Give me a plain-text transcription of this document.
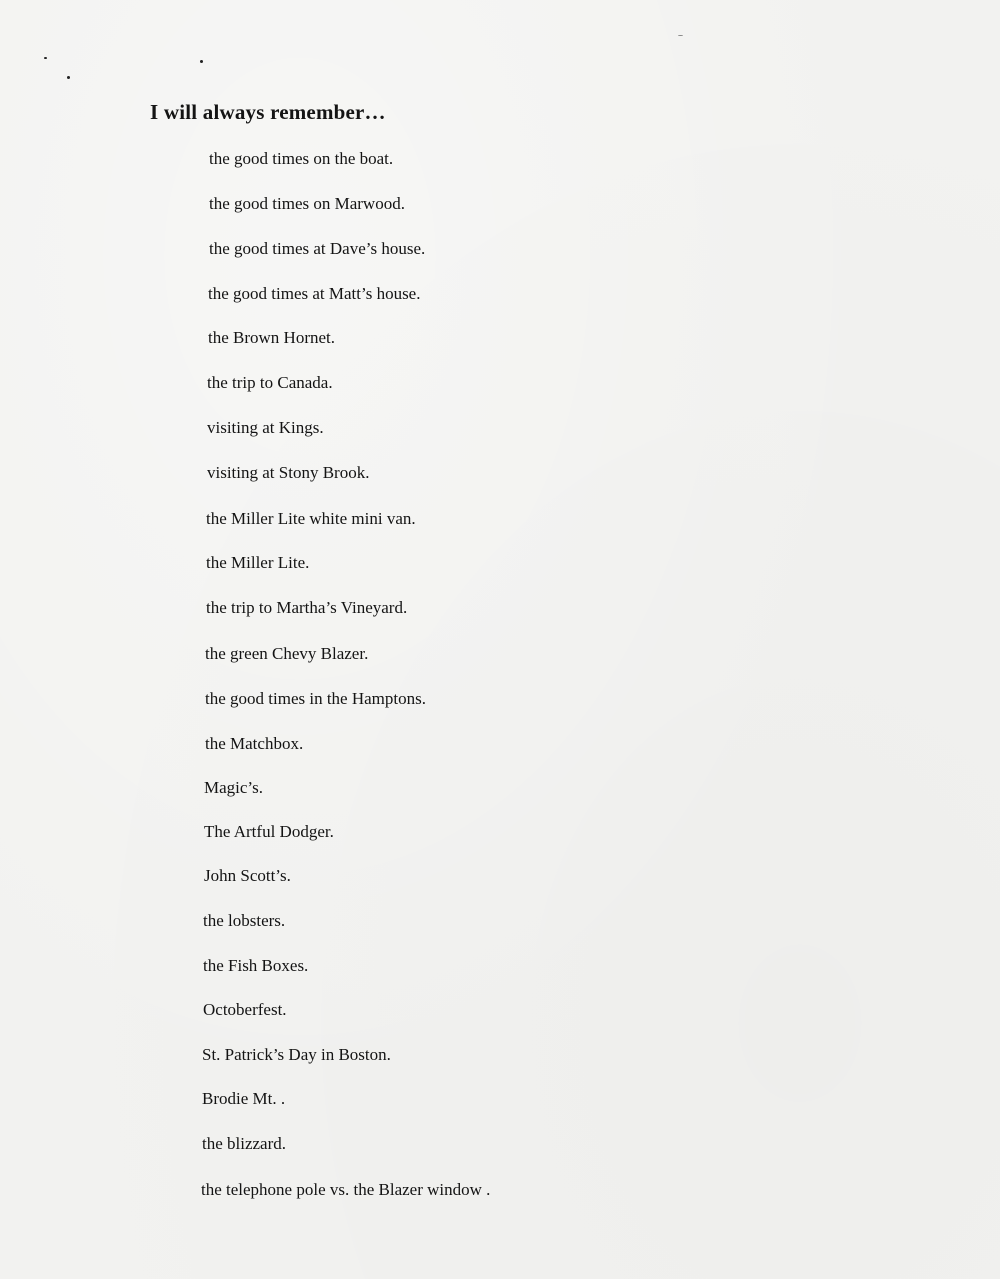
I will always remember…
the good times on the boat.
the good times on Marwood.
the good times at Dave’s house.
the good times at Matt’s house.
the Brown Hornet.
the trip to Canada.
visiting at Kings.
visiting at Stony Brook.
the Miller Lite white mini van.
the Miller Lite.
the trip to Martha’s Vineyard.
the green Chevy Blazer.
the good times in the Hamptons.
the Matchbox.
Magic’s.
The Artful Dodger.
John Scott’s.
the lobsters.
the Fish Boxes.
Octoberfest.
St. Patrick’s Day in Boston.
Brodie Mt. .
the blizzard.
the telephone pole vs. the Blazer window .
